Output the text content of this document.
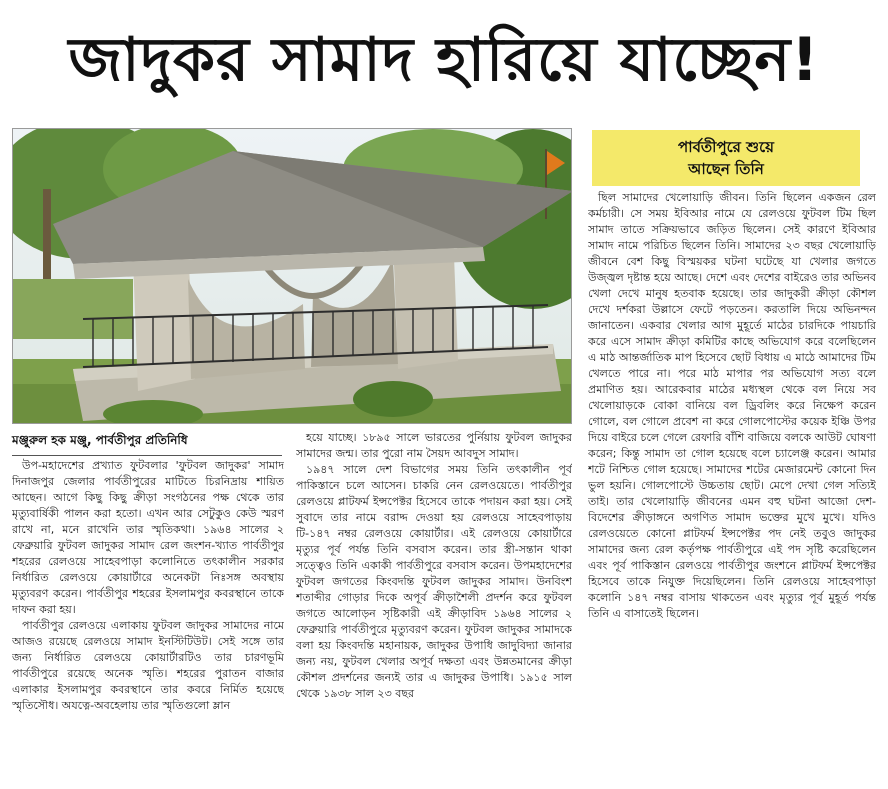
জাদুকর সামাদ হারিয়ে যাচ্ছেন!
মঞ্জুরুল হক মঞ্জু, পার্বতীপুর প্রতিনিধি

উপ-মহাদেশের প্রখ্যাত ফুটবলার 'ফুটবল জাদুকর' সামাদ দিনাজপুর জেলার পার্বতীপুরের মাটিতে চিরনিদ্রায় শায়িত আছেন। আগে কিছু কিছু ক্রীড়া সংগঠনের পক্ষ থেকে তার মৃত্যুবার্ষিকী পালন করা হতো। এখন আর সেটুকুও কেউ স্মরণ রাখে না, মনে রাখেনি তার স্মৃতিকথা। ১৯৬৪ সালের ২ ফেব্রুয়ারি ফুটবল জাদুকর সামাদ রেল জংশন-খ্যাত পার্বতীপুর শহরের রেলওয়ে সাহেবপাড়া কলোনিতে তৎকালীন সরকার নির্ধারিত রেলওয়ে কোয়ার্টারে অনেকটা নিঃসঙ্গ অবস্থায় মৃত্যুবরণ করেন। পার্বতীপুর শহরের ইসলামপুর কবরস্থানে তাকে দাফন করা হয়।

পার্বতীপুর রেলওয়ে এলাকায় ফুটবল জাদুকর সামাদের নামে আজও রয়েছে রেলওয়ে সামাদ ইনস্টিটিউট। সেই সঙ্গে তার জন্য নির্ধারিত রেলওয়ে কোয়ার্টারটিও তার চারণভূমি পার্বতীপুরে রয়েছে অনেক স্মৃতি। শহরের পুরাতন বাজার এলাকার ইসলামপুর কবরস্থানে তার কবরে নির্মিত হয়েছে স্মৃতিসৌধ। অযত্নে-অবহেলায় তার স্মৃতিগুলো ম্লান

হয়ে যাচ্ছে। ১৮৯৫ সালে ভারতের পুর্নিয়ায় ফুটবল জাদুকর সামাদের জন্ম। তার পুরো নাম সৈয়দ আবদুস সামাদ।

১৯৪৭ সালে দেশ বিভাগের সময় তিনি তৎকালীন পূর্ব পাকিস্তানে চলে আসেন। চাকরি নেন রেলওয়েতে। পার্বতীপুর রেলওয়ে প্লাটফর্ম ইন্সপেক্টর হিসেবে তাকে পদায়ন করা হয়। সেই সুবাদে তার নামে বরাদ্দ দেওয়া হয় রেলওয়ে সাহেবপাড়ায় টি-১৪৭ নম্বর রেলওয়ে কোয়ার্টার। এই রেলওয়ে কোয়ার্টারে মৃত্যুর পূর্ব পর্যন্ত তিনি বসবাস করেন। তার স্ত্রী-সন্তান থাকা সত্ত্বেও তিনি একাকী পার্বতীপুরে বসবাস করেন। উপমহাদেশের ফুটবল জগতের কিংবদন্তি ফুটবল জাদুকর সামাদ। উনবিংশ শতাব্দীর গোড়ার দিকে অপূর্ব ক্রীড়াশৈলী প্রদর্শন করে ফুটবল জগতে আলোড়ন সৃষ্টিকারী এই ক্রীড়াবিদ ১৯৬৪ সালের ২ ফেব্রুয়ারি পার্বতীপুরে মৃত্যুবরণ করেন। ফুটবল জাদুকর সামাদকে বলা হয় কিংবদন্তি মহানায়ক, জাদুকর উপাধি জাদুবিদ্যা জানার জন্য নয়, ফুটবল খেলার অপূর্ব দক্ষতা এবং উন্নতমানের ক্রীড়া কৌশল প্রদর্শনের জন্যই তার এ জাদুকর উপাধি। ১৯১৫ সাল থেকে ১৯৩৮ সাল ২৩ বছর

পার্বতীপুরে শুয়ে
আছেন তিনি

ছিল সামাদের খেলোয়াড়ি জীবন। তিনি ছিলেন একজন রেল কর্মচারী। সে সময় ইবিআর নামে যে রেলওয়ে ফুটবল টিম ছিল সামাদ তাতে সক্রিয়ভাবে জড়িত ছিলেন। সেই কারণে ইবিআর সামাদ নামে পরিচিত ছিলেন তিনি। সামাদের ২৩ বছর খেলোয়াড়ি জীবনে বেশ কিছু বিস্ময়কর ঘটনা ঘটেছে যা খেলার জগতে উজ্জ্বল দৃষ্টান্ত হয়ে আছে। দেশে এবং দেশের বাইরেও তার অভিনব খেলা দেখে মানুষ হতবাক হয়েছে। তার জাদুকরী ক্রীড়া কৌশল দেখে দর্শকরা উল্লাসে ফেটে পড়তেন। করতালি দিয়ে অভিনন্দন জানাতেন। একবার খেলার আগ মুহূর্তে মাঠের চারদিকে পায়চারি করে এসে সামাদ ক্রীড়া কমিটির কাছে অভিযোগ করে বলেছিলেন এ মাঠ আন্তর্জাতিক মাপ হিসেবে ছোট বিধায় এ মাঠে আমাদের টিম খেলতে পারে না। পরে মাঠ মাপার পর অভিযোগ সত্য বলে প্রমাণিত হয়। আরেকবার মাঠের মধ্যস্থল থেকে বল নিয়ে সব খেলোয়াড়কে বোকা বানিয়ে বল ড্রিবলিং করে নিক্ষেপ করেন গোলে, বল গোলে প্রবেশ না করে গোলপোস্টের কয়েক ইঞ্চি উপর দিয়ে বাইরে চলে গেলে রেফারি বাঁশি বাজিয়ে বলকে আউট ঘোষণা করেন; কিন্তু সামাদ তা গোল হয়েছে বলে চ্যালেঞ্জ করেন। আমার শটে নিশ্চিত গোল হয়েছে। সামাদের শটের মেজারমেন্ট কোনো দিন ভুল হয়নি। গোলপোস্টে উচ্চতায় ছোট। মেপে দেখা গেল সত্যিই তাই। তার খেলোয়াড়ি জীবনের এমন বহু ঘটনা আজো দেশ-বিদেশের ক্রীড়াঙ্গনে অগণিত সামাদ ভক্তের মুখে মুখে। যদিও রেলওয়েতে কোনো প্লাটফর্ম ইন্সপেক্টর পদ নেই তবুও জাদুকর সামাদের জন্য রেল কর্তৃপক্ষ পার্বতীপুরে এই পদ সৃষ্টি করেছিলেন এবং পূর্ব পাকিস্তান রেলওয়ে পার্বতীপুর জংশনে প্লাটফর্ম ইন্সপেক্টর হিসেবে তাকে নিযুক্ত দিয়েছিলেন। তিনি রেলওয়ে সাহেবপাড়া কলোনি ১৪৭ নম্বর বাসায় থাকতেন এবং মৃত্যুর পূর্ব মুহূর্ত পর্যন্ত তিনি এ বাসাতেই ছিলেন।
